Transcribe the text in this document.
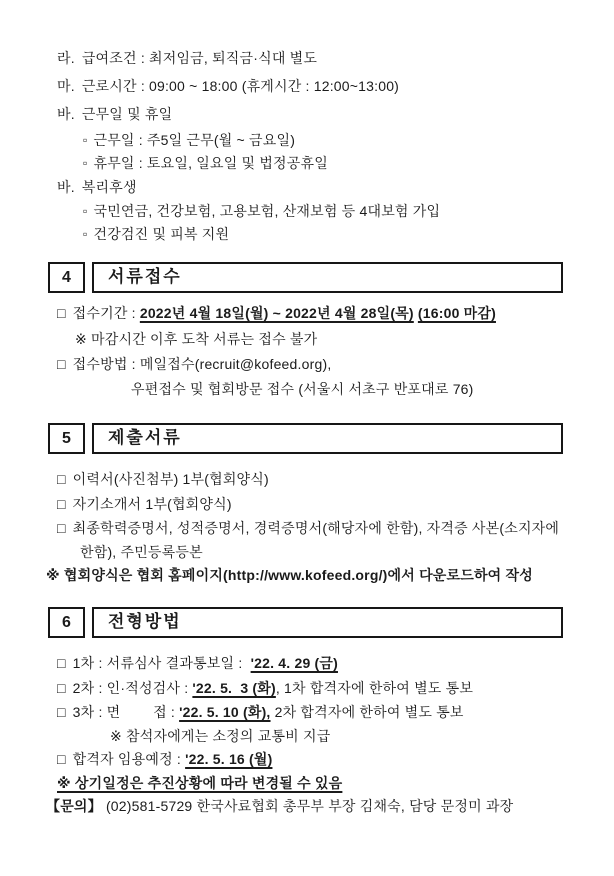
라. 급여조건 : 최저임금, 퇴직금·식대 별도
마. 근로시간 : 09:00 ~ 18:00 (휴게시간 : 12:00~13:00)
바. 근무일 및 휴일
▫ 근무일 : 주5일 근무(월 ~ 금요일)
▫ 휴무일 : 토요일, 일요일 및 법정공휴일
바. 복리후생
▫ 국민연금, 건강보험, 고용보험, 산재보험 등 4대보험 가입
▫ 건강검진 및 피복 지원
4	서류접수
□ 접수기간 : 2022년 4월 18일(월) ~ 2022년 4월 28일(목) (16:00 마감)
※ 마감시간 이후 도착 서류는 접수 불가
□ 접수방법 : 메일접수(recruit@kofeed.org),
우편접수 및 협회방문 접수 (서울시 서초구 반포대로 76)
5	제출서류
□ 이력서(사진첨부) 1부(협회양식)
□ 자기소개서 1부(협회양식)
□ 최종학력증명서, 성적증명서, 경력증명서(해당자에 한함), 자격증 사본(소지자에
한함), 주민등록등본
※ 협회양식은 협회 홈페이지(http://www.kofeed.org/)에서 다운로드하여 작성
6	전형방법
□ 1차 : 서류심사 결과통보일 :  '22. 4. 29 (금)
□ 2차 : 인·적성검사 : '22. 5.  3 (화), 1차 합격자에 한하여 별도 통보
□ 3차 : 면        접 : '22. 5. 10 (화), 2차 합격자에 한하여 별도 통보
※ 참석자에게는 소정의 교통비 지급
□ 합격자 임용예정 : '22. 5. 16 (월)
※ 상기일정은 추진상황에 따라 변경될 수 있음
【문의】 (02)581-5729 한국사료협회 총무부 부장 김채숙, 담당 문정미 과장
